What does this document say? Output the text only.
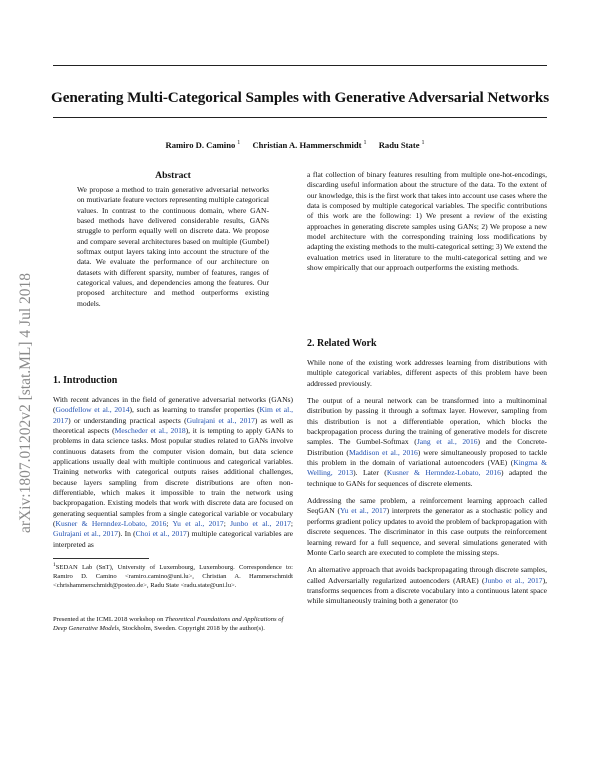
Generating Multi-Categorical Samples with Generative Adversarial Networks
Ramiro D. Camino $^1$ Christian A. Hammerschmidt $^1$ Radu State $^1$
arXiv:1807.01202v2 [stat.ML] 4 Jul 2018
Abstract
We propose a method to train generative adversarial networks on mutivariate feature vectors representing multiple categorical values. In contrast to the continuous domain, where GAN-based methods have delivered considerable results, GANs struggle to perform equally well on discrete data. We propose and compare several architectures based on multiple (Gumbel) softmax output layers taking into account the structure of the data. We evaluate the performance of our architecture on datasets with different sparsity, number of features, ranges of categorical values, and dependencies among the features. Our proposed architecture and method outperforms existing models.
1. Introduction

With recent advances in the field of generative adversarial networks (GANs) (Goodfellow et al., 2014), such as learning to transfer properties (Kim et al., 2017) or understanding practical aspects (Gulrajani et al., 2017) as well as theoretical aspects (Mescheder et al., 2018), it is tempting to apply GANs to problems in data science tasks. Most popular studies related to GANs involve continuous datasets from the computer vision domain, but data science applications usually deal with multiple continuous and categorical variables. Training networks with categorical outputs raises additional challenges, because layers sampling from discrete distributions are often non-differentiable, which makes it impossible to train the network using backpropagation. Existing models that work with discrete data are focused on generating sequential samples from a single categorical variable or vocabulary (Kusner & Hernndez-Lobato, 2016; Yu et al., 2017; Junbo et al., 2017; Gulrajani et al., 2017). In (Choi et al., 2017) multiple categorical variables are interpreted as

$^1$SEDAN Lab (SnT), University of Luxembourg, Luxembourg. Correspondence to: Ramiro D. Camino <ramiro.camino@uni.lu>, Christian A. Hammerschmidt <chrishammerschmidt@posteo.de>, Radu State <radu.state@uni.lu>.
Presented at the ICML 2018 workshop on Theoretical Foundations and Applications of Deep Generative Models, Stockholm, Sweden. Copyright 2018 by the author(s).

a flat collection of binary features resulting from multiple one-hot-encodings, discarding useful information about the structure of the data. To the extent of our knowledge, this is the first work that takes into account use cases where the data is composed by multiple categorical variables. The specific contributions of this work are the following: 1) We present a review of the existing approaches in generating discrete samples using GANs; 2) We propose a new model architecture with the corresponding training loss modifications by adapting the existing methods to the multi-categorical setting; 3) We extend the evaluation metrics used in literature to the multi-categorical setting and we show empirically that our approach outperforms the existing methods.

2. Related Work

While none of the existing work addresses learning from distributions with multiple categorical variables, different aspects of this problem have been addressed previously.

The output of a neural network can be transformed into a multinominal distribution by passing it through a softmax layer. However, sampling from this distribution is not a differentiable operation, which blocks the backpropagation process during the training of generative models for discrete samples. The Gumbel-Softmax (Jang et al., 2016) and the Concrete-Distribution (Maddison et al., 2016) were simultaneously proposed to tackle this problem in the domain of variational autoencoders (VAE) (Kingma & Welling, 2013). Later (Kusner & Hernndez-Lobato, 2016) adapted the technique to GANs for sequences of discrete elements.

Addressing the same problem, a reinforcement learning approach called SeqGAN (Yu et al., 2017) interprets the generator as a stochastic policy and performs gradient policy updates to avoid the problem of backpropagation with discrete sequences. The discriminator in this case outputs the reinforcement learning reward for a full sequence, and several simulations generated with Monte Carlo search are executed to complete the missing steps.

An alternative approach that avoids backpropagating through discrete samples, called Adversarially regularized autoencoders (ARAE) (Junbo et al., 2017), transforms sequences from a discrete vocabulary into a continuous latent space while simultaneously training both a generator (to
